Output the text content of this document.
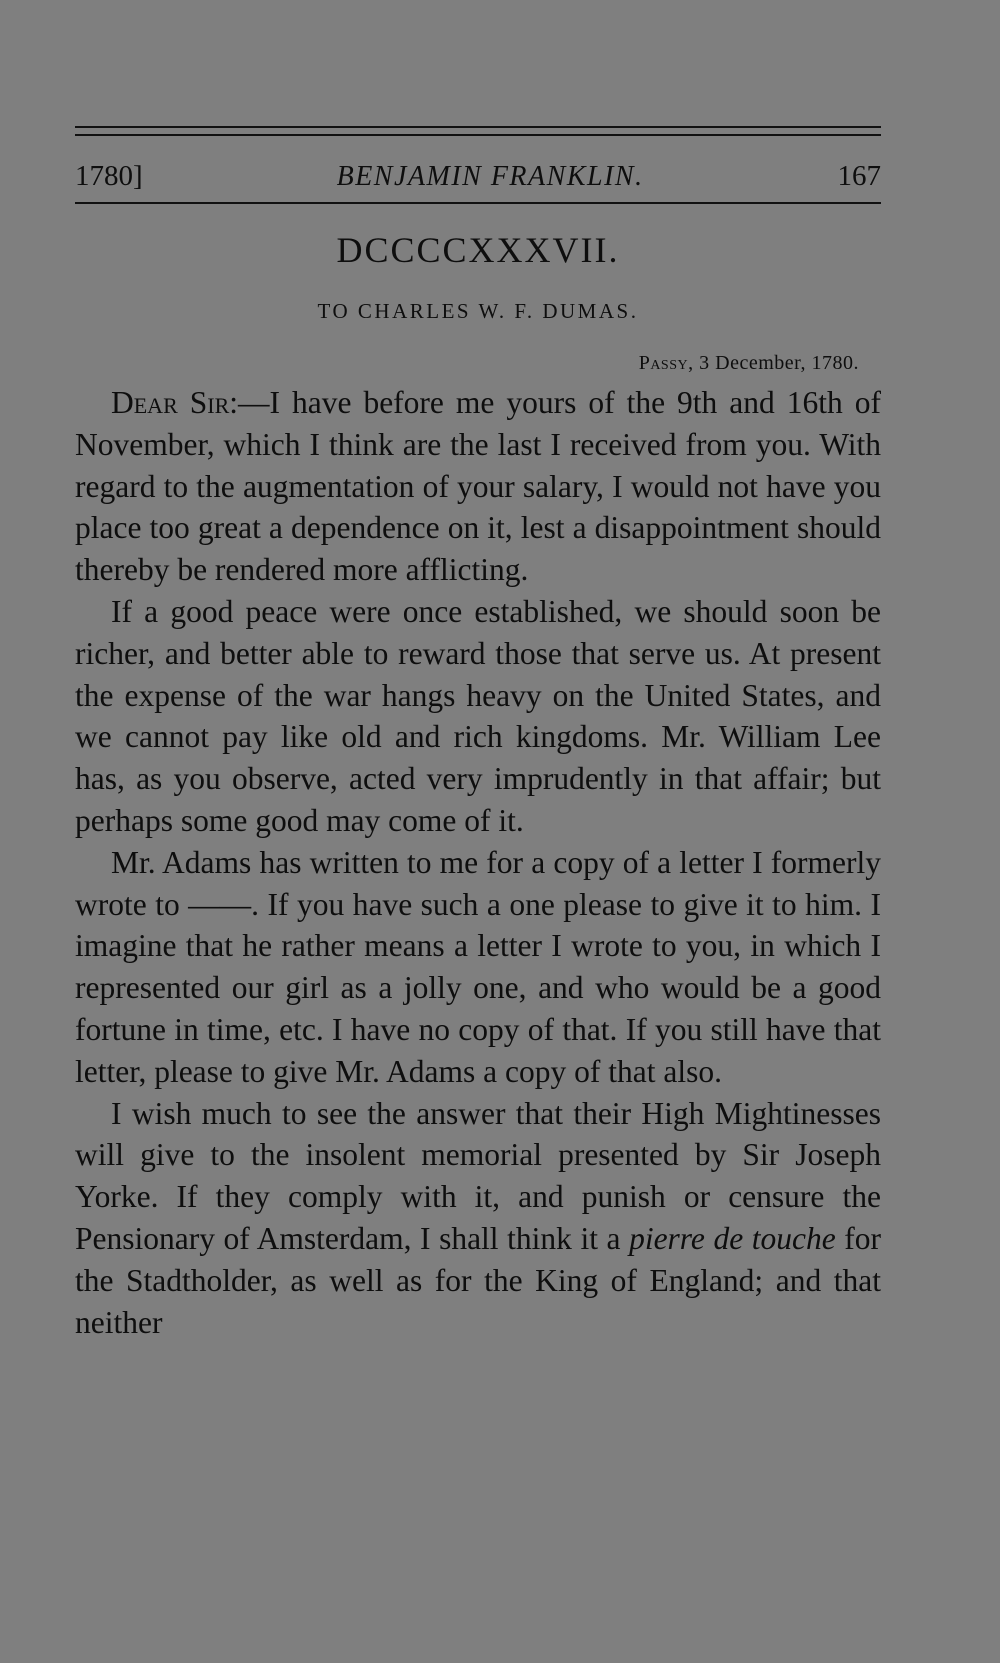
1780]	BENJAMIN FRANKLIN.	167
DCCCCXXXVII.
TO CHARLES W. F. DUMAS.
Passy, 3 December, 1780.

Dear Sir:—I have before me yours of the 9th and 16th of November, which I think are the last I received from you. With regard to the augmentation of your salary, I would not have you place too great a dependence on it, lest a disappointment should thereby be rendered more afflicting.

If a good peace were once established, we should soon be richer, and better able to reward those that serve us. At present the expense of the war hangs heavy on the United States, and we cannot pay like old and rich kingdoms. Mr. William Lee has, as you observe, acted very imprudently in that affair; but perhaps some good may come of it.

Mr. Adams has written to me for a copy of a letter I formerly wrote to ——. If you have such a one please to give it to him. I imagine that he rather means a letter I wrote to you, in which I represented our girl as a jolly one, and who would be a good fortune in time, etc. I have no copy of that. If you still have that letter, please to give Mr. Adams a copy of that also.

I wish much to see the answer that their High Mightinesses will give to the insolent memorial presented by Sir Joseph Yorke. If they comply with it, and punish or censure the Pensionary of Amsterdam, I shall think it a pierre de touche for the Stadtholder, as well as for the King of England; and that neither
